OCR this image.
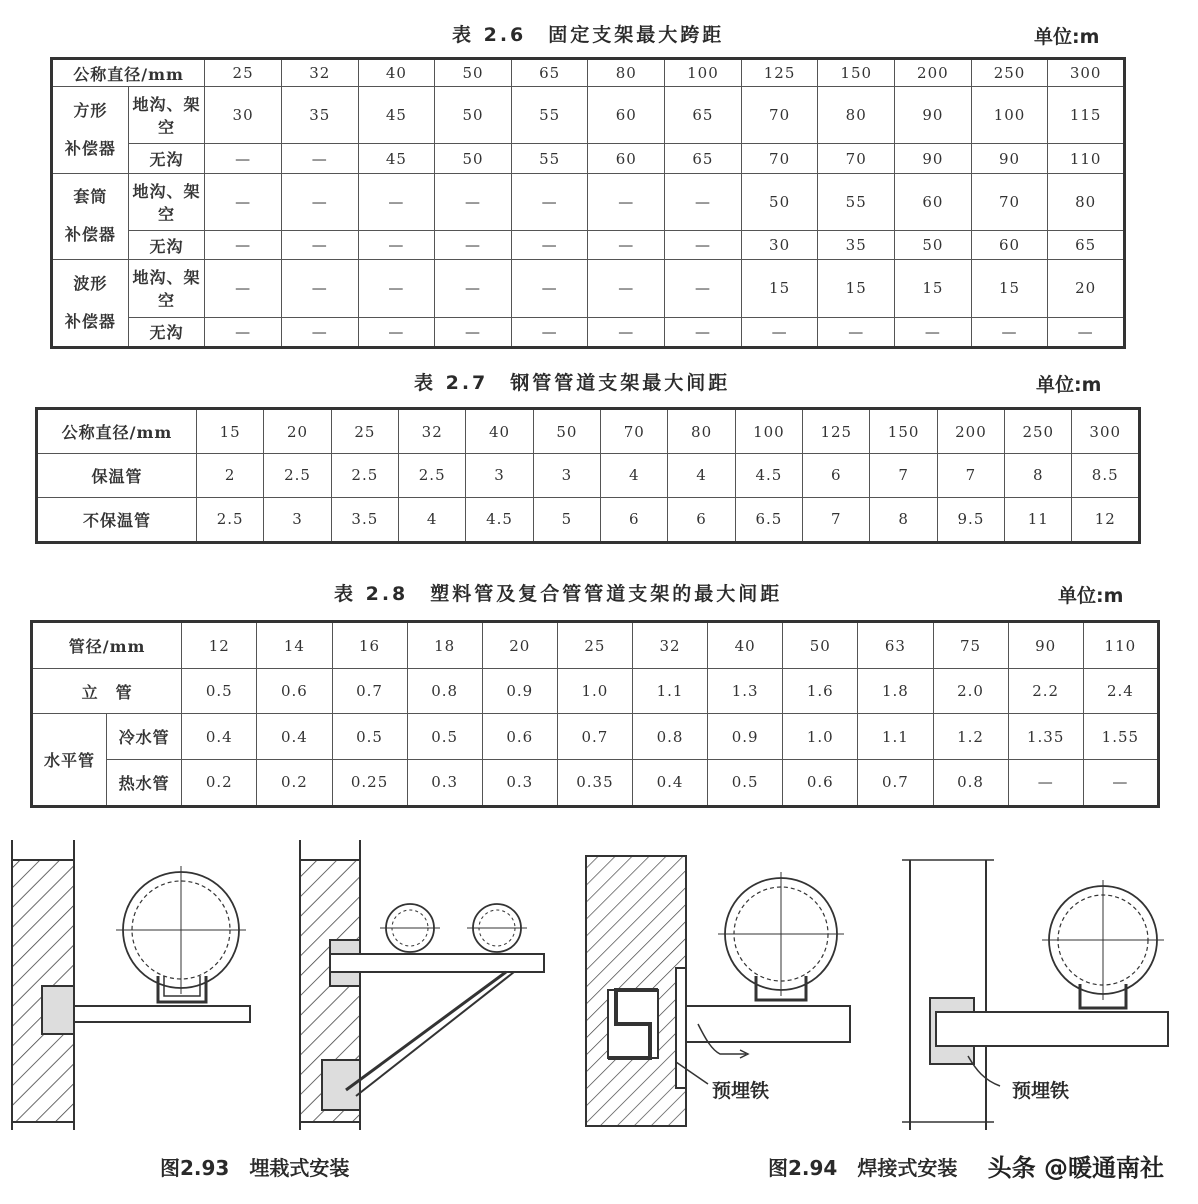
表 2.6　固定支架最大跨距	单位:m
公称直径/mm		25	32	40	50	65	80	100	125	150	200	250	300

方形
补偿器	地沟、架空	30	35	45	50	55	60	65	70	80	90	100	115
	无沟	—	—	45	50	55	60	65	70	70	90	90	110

套筒
补偿器	地沟、架空	—	—	—	—	—	—	—	50	55	60	70	80
	无沟	—	—	—	—	—	—	—	30	35	50	60	65

波形
补偿器	地沟、架空	—	—	—	—	—	—	—	15	15	15	15	20
	无沟	—	—	—	—	—	—	—	—	—	—	—	—
表 2.7　钢管管道支架最大间距	单位:m
公称直径/mm	15	20	25	32	40	50	70	80	100	125	150	200	250	300
保温管	2	2.5	2.5	2.5	3	3	4	4	4.5	6	7	7	8	8.5
不保温管	2.5	3	3.5	4	4.5	5	6	6	6.5	7	8	9.5	11	12
表 2.8　塑料管及复合管管道支架的最大间距	单位:m
管径/mm		12	14	16	18	20	25	32	40	50	63	75	90	110
立　管		0.5	0.6	0.7	0.8	0.9	1.0	1.1	1.3	1.6	1.8	2.0	2.2	2.4
水平管	冷水管	0.4	0.4	0.5	0.5	0.6	0.7	0.8	0.9	1.0	1.1	1.2	1.35	1.55
	热水管	0.2	0.2	0.25	0.3	0.3	0.35	0.4	0.5	0.6	0.7	0.8	—	—
图2.93　埋栽式安装
预埋铁	预埋铁
图2.94　焊接式安装 头条 @暖通南社
